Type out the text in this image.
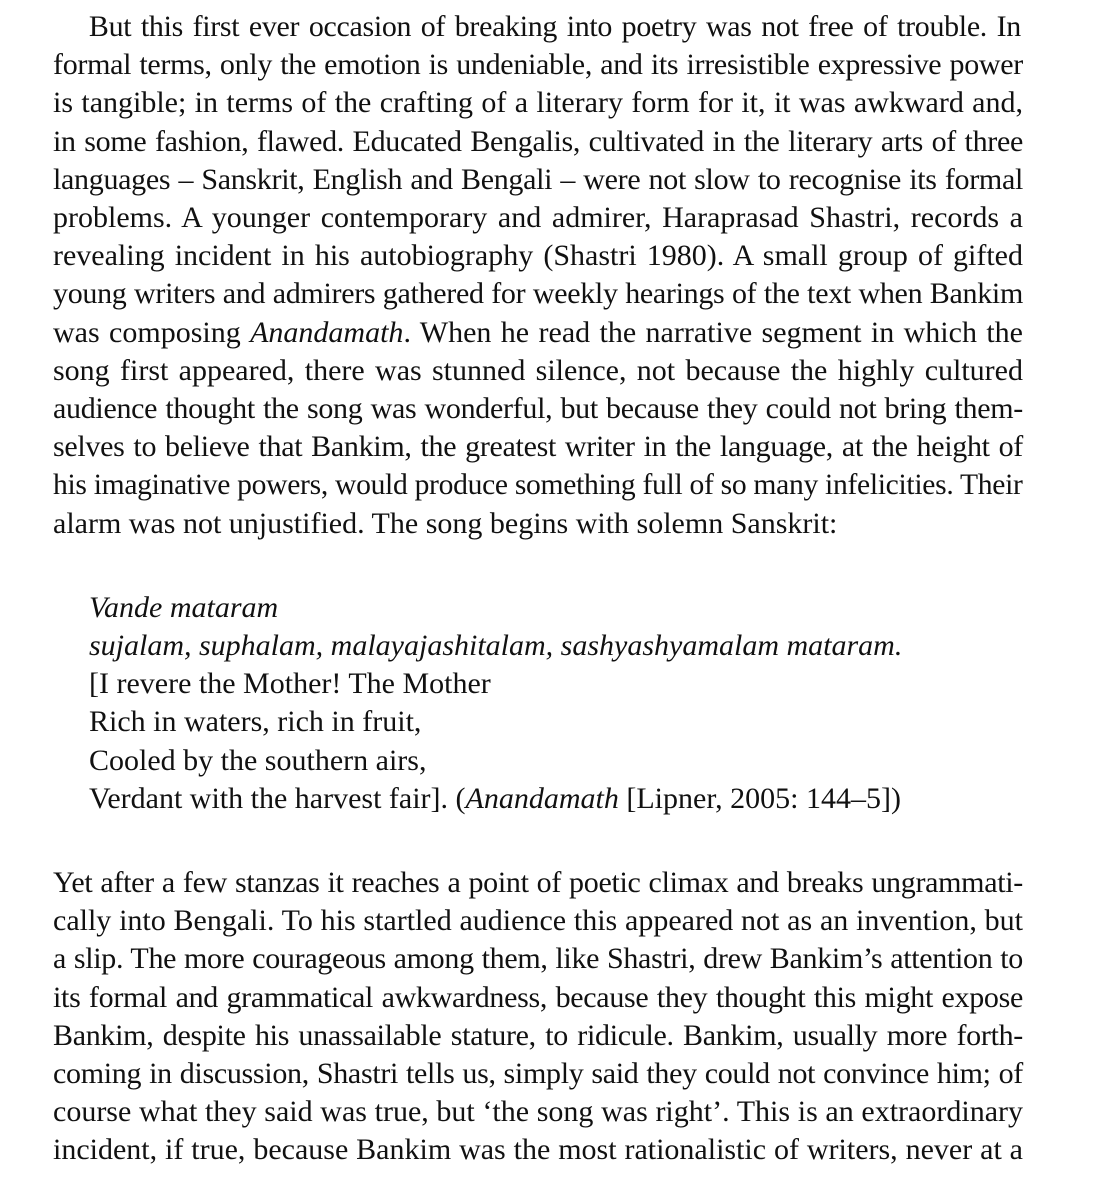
But this first ever occasion of breaking into poetry was not free of trouble. In
formal terms, only the emotion is undeniable, and its irresistible expressive power
is tangible; in terms of the crafting of a literary form for it, it was awkward and,
in some fashion, flawed. Educated Bengalis, cultivated in the literary arts of three
languages – Sanskrit, English and Bengali – were not slow to recognise its formal
problems. A younger contemporary and admirer, Haraprasad Shastri, records a
revealing incident in his autobiography (Shastri 1980). A small group of gifted
young writers and admirers gathered for weekly hearings of the text when Bankim
was composing Anandamath. When he read the narrative segment in which the
song first appeared, there was stunned silence, not because the highly cultured
audience thought the song was wonderful, but because they could not bring them-
selves to believe that Bankim, the greatest writer in the language, at the height of
his imaginative powers, would produce something full of so many infelicities. Their
alarm was not unjustified. The song begins with solemn Sanskrit:

Vande mataram
sujalam, suphalam, malayajashitalam, sashyashyamalam mataram.
[I revere the Mother! The Mother
Rich in waters, rich in fruit,
Cooled by the southern airs,
Verdant with the harvest fair]. (Anandamath [Lipner, 2005: 144–5])

Yet after a few stanzas it reaches a point of poetic climax and breaks ungrammati-
cally into Bengali. To his startled audience this appeared not as an invention, but
a slip. The more courageous among them, like Shastri, drew Bankim’s attention to
its formal and grammatical awkwardness, because they thought this might expose
Bankim, despite his unassailable stature, to ridicule. Bankim, usually more forth-
coming in discussion, Shastri tells us, simply said they could not convince him; of
course what they said was true, but ‘the song was right’. This is an extraordinary
incident, if true, because Bankim was the most rationalistic of writers, never at a
